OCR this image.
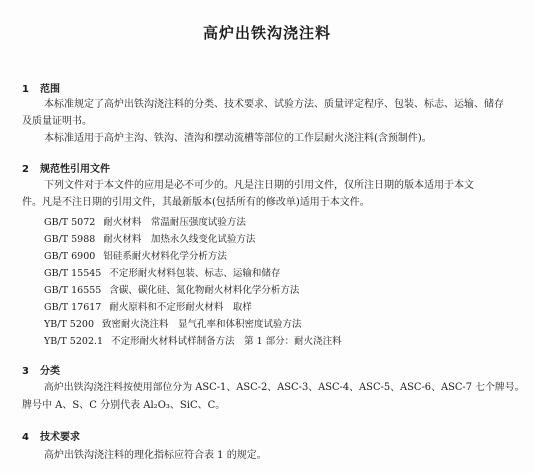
高炉出铁沟浇注料
1 范围
本标准规定了高炉出铁沟浇注料的分类、技术要求、试验方法、质量评定程序、包装、标志、运输、储存
及质量证明书。
本标准适用于高炉主沟、铁沟、渣沟和摆动流槽等部位的工作层耐火浇注料(含预制件)。
2 规范性引用文件
下列文件对于本文件的应用是必不可少的。凡是注日期的引用文件，仅所注日期的版本适用于本文
件。凡是不注日期的引用文件，其最新版本(包括所有的修改单)适用于本文件。
GB/T 5072 耐火材料　常温耐压强度试验方法
GB/T 5988 耐火材料　加热永久线变化试验方法
GB/T 6900 铝硅系耐火材料化学分析方法
GB/T 15545 不定形耐火材料包装、标志、运输和储存
GB/T 16555 含碳、碳化硅、氮化物耐火材料化学分析方法
GB/T 17617 耐火原料和不定形耐火材料　取样
YB/T 5200 致密耐火浇注料　显气孔率和体积密度试验方法
YB/T 5202.1 不定形耐火材料试样制备方法　第 1 部分：耐火浇注料
3 分类
高炉出铁沟浇注料按使用部位分为 ASC-1、ASC-2、ASC-3、ASC-4、ASC-5、ASC-6、ASC-7 七个牌号。
牌号中 A、S、C 分别代表 Al₂O₃、SiC、C。
4 技术要求
高炉出铁沟浇注料的理化指标应符合表 1 的规定。
